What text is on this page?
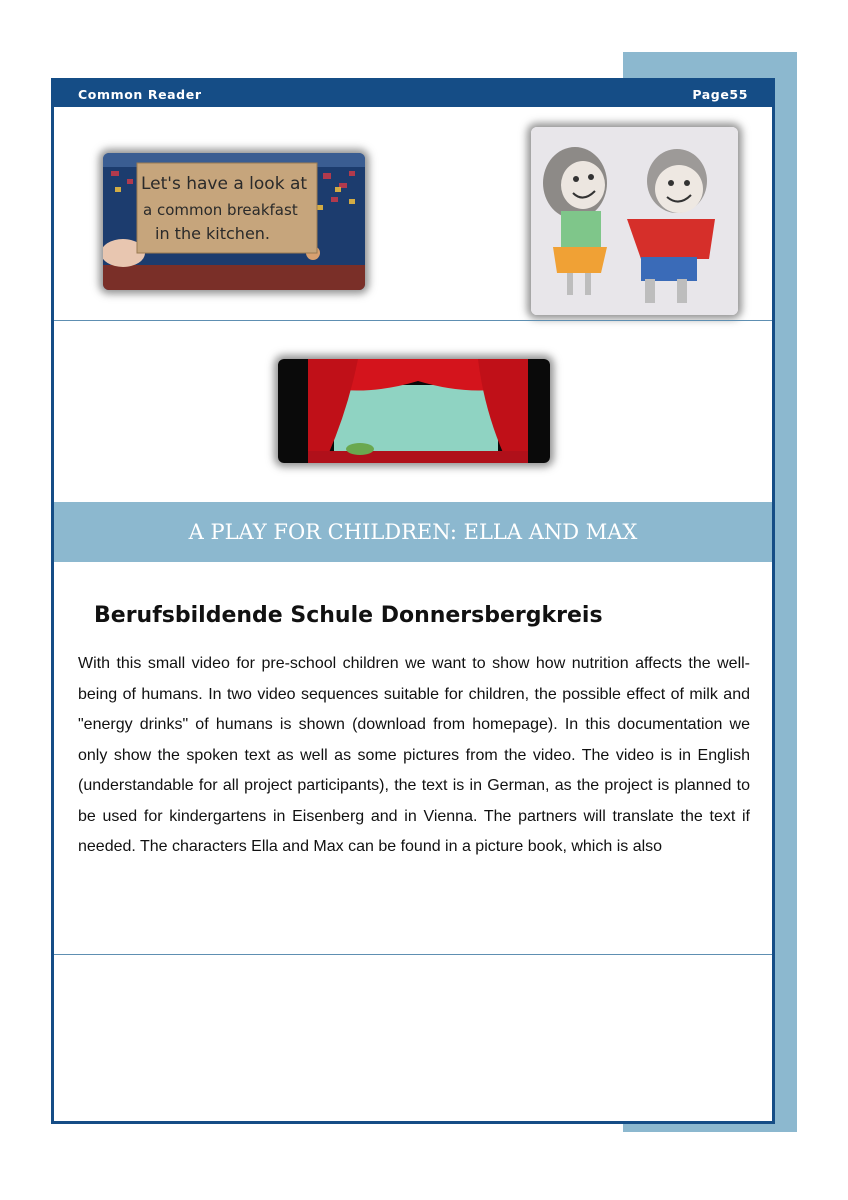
Common Reader	Page55
Let's have a look at
a common breakfast
in the kitchen.
A PLAY FOR CHILDREN: ELLA AND MAX
Berufsbildende Schule Donnersbergkreis

With this small video for pre-school children we want to show how nutrition affects the well-being of humans. In two video sequences suitable for children, the possible effect of milk and "energy drinks" of humans is shown (download from homepage). In this documentation we only show the spoken text as well as some pictures from the video. The video is in English (understandable for all project participants), the text is in German, as the project is planned to be used for kindergartens in Eisenberg and in Vienna. The partners will translate the text if needed. The characters Ella and Max can be found in a picture book, which is also
